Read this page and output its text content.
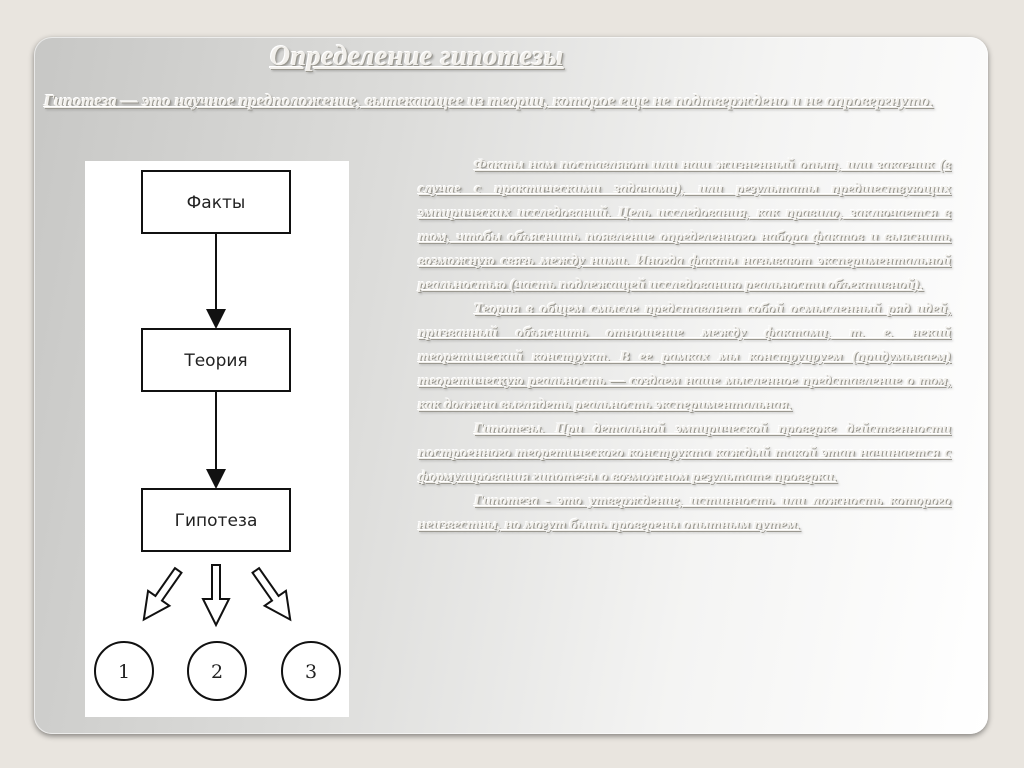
Определение гипотезы

Гипотеза — это научное предположение, вытекающее из теории, которое еще не подтверждено и не опровергнуто.

Факты
Теория
Гипотеза
1	2	3

Факты нам поставляют или наш жизненный опыт, или заказчик (в случае с практическими задачами), или результаты предшествующих эмпирических исследований. Цель исследования, как правило, заключается в том, чтобы объяснить появление определенного набора фактов и выяснить возможную связь между ними. Иногда факты называют экспериментальной реальностью (часть подлежащей исследованию реальности объективной).

Теория в общем смысле представляет собой осмысленный ряд идей, призванный объяснить отношение между фактами, т. е. некий теоретический конструкт. В ее рамках мы конструируем (придумываем) теоретическую реальность — создаем наше мысленное представление о том, как должна выглядеть реальность экспериментальная.

Гипотезы. При детальной эмпирической проверке действенности построенного теоретического конструкта каждый такой этап начинается с формулирования гипотезы о возможном результате проверки.

Гипотеза - это утверждение, истинность или ложность которого неизвестны, но могут быть проверены опытным путем.
